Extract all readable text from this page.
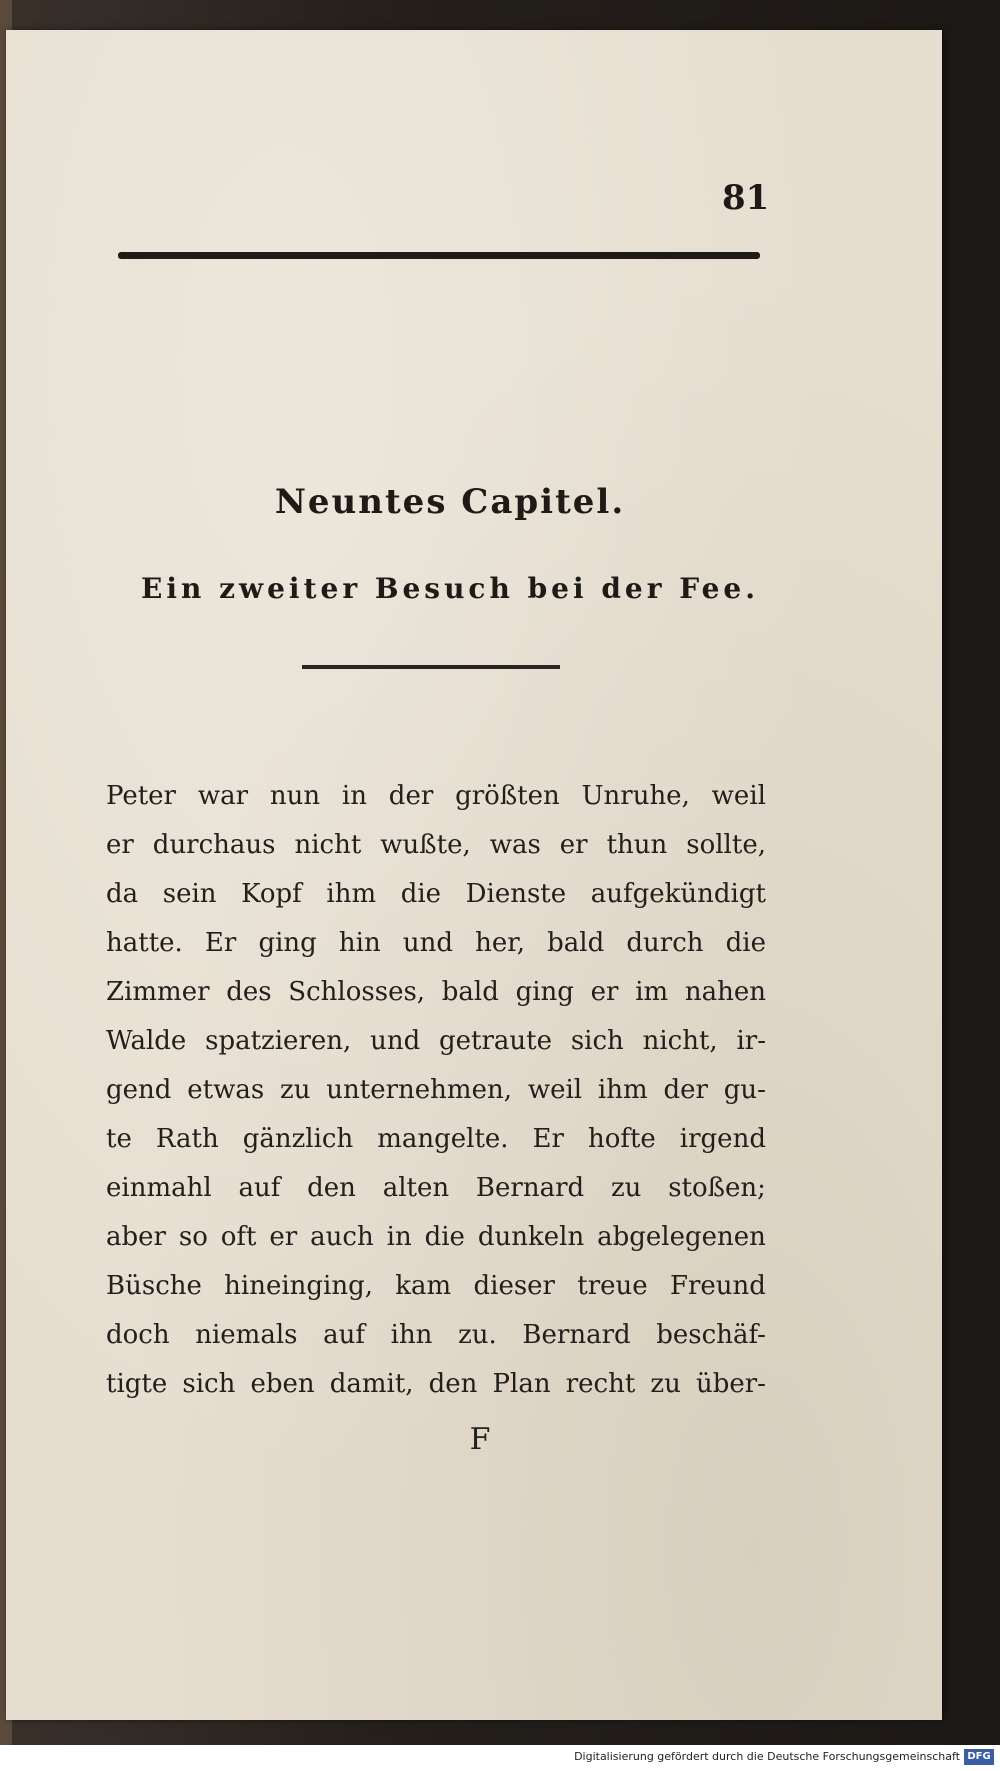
81
Neuntes Capitel.
Ein zweiter Besuch bei der Fee.
Peter war nun in der größten Unruhe, weil
er durchaus nicht wußte, was er thun sollte,
da sein Kopf ihm die Dienste aufgekündigt
hatte. Er ging hin und her, bald durch die
Zimmer des Schlosses, bald ging er im nahen
Walde spatzieren, und getraute sich nicht, ir-
gend etwas zu unternehmen, weil ihm der gu-
te Rath gänzlich mangelte. Er hofte irgend
einmahl auf den alten Bernard zu stoßen;
aber so oft er auch in die dunkeln abgelegenen
Büsche hineinging, kam dieser treue Freund
doch niemals auf ihn zu. Bernard beschäf-
tigte sich eben damit, den Plan recht zu über-
F
Digitalisierung gefördert durch die Deutsche Forschungsgemeinschaft DFG
